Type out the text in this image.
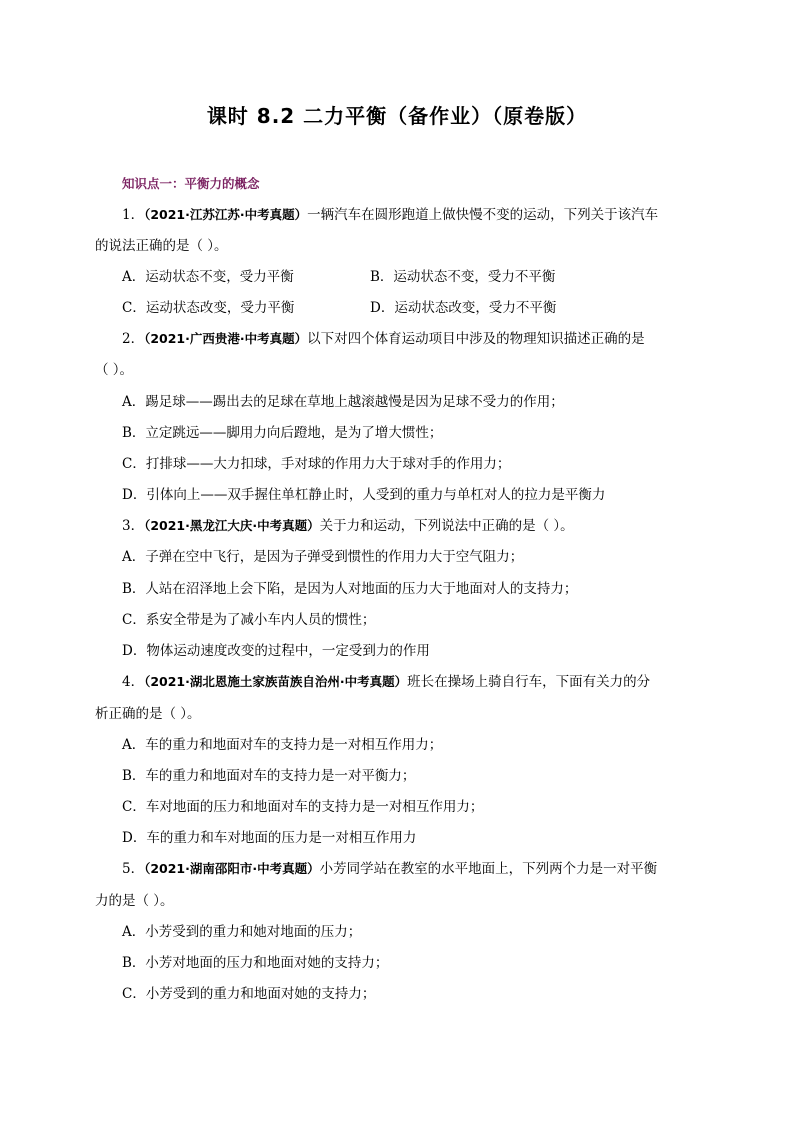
课时 8.2 二力平衡（备作业）（原卷版）
知识点一：平衡力的概念
1．（2021·江苏江苏·中考真题）一辆汽车在圆形跑道上做快慢不变的运动，下列关于该汽车
的说法正确的是（ ）。
A．运动状态不变，受力平衡	B．运动状态不变，受力不平衡
C．运动状态改变，受力平衡	D．运动状态改变，受力不平衡
2．（2021·广西贵港·中考真题）以下对四个体育运动项目中涉及的物理知识描述正确的是
（ ）。
A．踢足球——踢出去的足球在草地上越滚越慢是因为足球不受力的作用；
B．立定跳远——脚用力向后蹬地，是为了增大惯性；
C．打排球——大力扣球，手对球的作用力大于球对手的作用力；
D．引体向上——双手握住单杠静止时，人受到的重力与单杠对人的拉力是平衡力
3．（2021·黑龙江大庆·中考真题）关于力和运动，下列说法中正确的是（ ）。
A．子弹在空中飞行，是因为子弹受到惯性的作用力大于空气阻力；
B．人站在沼泽地上会下陷，是因为人对地面的压力大于地面对人的支持力；
C．系安全带是为了减小车内人员的惯性；
D．物体运动速度改变的过程中，一定受到力的作用
4．（2021·湖北恩施土家族苗族自治州·中考真题）班长在操场上骑自行车，下面有关力的分
析正确的是（ ）。
A．车的重力和地面对车的支持力是一对相互作用力；
B．车的重力和地面对车的支持力是一对平衡力；
C．车对地面的压力和地面对车的支持力是一对相互作用力；
D．车的重力和车对地面的压力是一对相互作用力
5．（2021·湖南邵阳市·中考真题）小芳同学站在教室的水平地面上，下列两个力是一对平衡
力的是（ ）。
A．小芳受到的重力和她对地面的压力；
B．小芳对地面的压力和地面对她的支持力；
C．小芳受到的重力和地面对她的支持力；
